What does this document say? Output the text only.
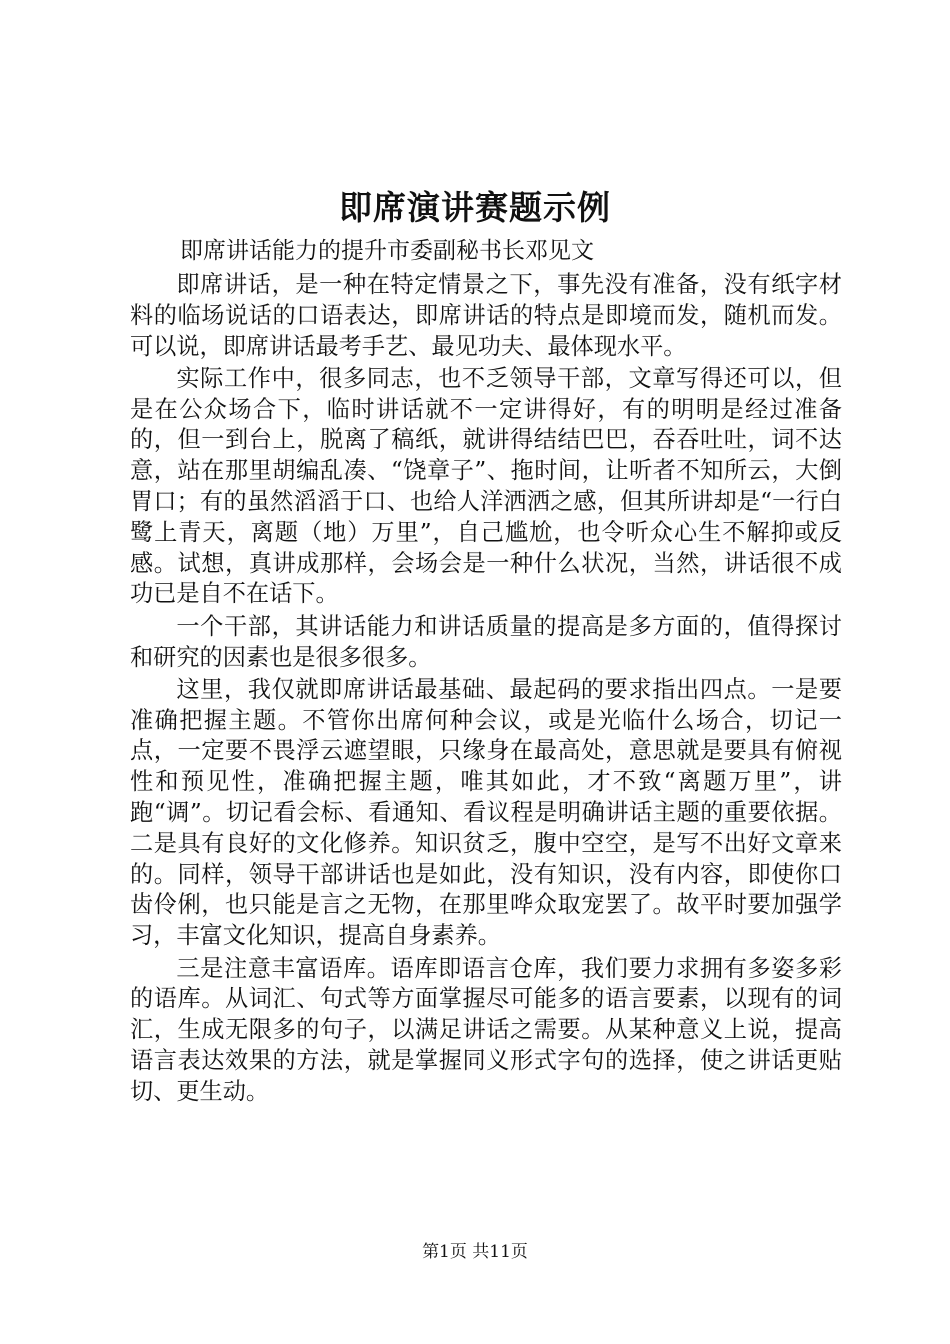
即席演讲赛题示例
即席讲话能力的提升市委副秘书长邓见文

即席讲话，是一种在特定情景之下，事先没有准备，没有纸字材料的临场说话的口语表达，即席讲话的特点是即境而发，随机而发。可以说，即席讲话最考手艺、最见功夫、最体现水平。

实际工作中，很多同志，也不乏领导干部，文章写得还可以，但是在公众场合下，临时讲话就不一定讲得好，有的明明是经过准备的，但一到台上，脱离了稿纸，就讲得结结巴巴，吞吞吐吐，词不达意，站在那里胡编乱凑、“饶章子”、拖时间，让听者不知所云，大倒胃口；有的虽然滔滔于口、也给人洋洒洒之感，但其所讲却是“一行白鹭上青天，离题（地）万里”，自己尴尬，也令听众心生不解抑或反感。试想，真讲成那样，会场会是一种什么状况，当然，讲话很不成功已是自不在话下。

一个干部，其讲话能力和讲话质量的提高是多方面的，值得探讨和研究的因素也是很多很多。

这里，我仅就即席讲话最基础、最起码的要求指出四点。一是要准确把握主题。不管你出席何种会议，或是光临什么场合，切记一点，一定要不畏浮云遮望眼，只缘身在最高处，意思就是要具有俯视性和预见性，准确把握主题，唯其如此，才不致“离题万里”，讲跑“调”。切记看会标、看通知、看议程是明确讲话主题的重要依据。二是具有良好的文化修养。知识贫乏，腹中空空，是写不出好文章来的。同样，领导干部讲话也是如此，没有知识，没有内容，即使你口齿伶俐，也只能是言之无物，在那里哗众取宠罢了。故平时要加强学习，丰富文化知识，提高自身素养。

三是注意丰富语库。语库即语言仓库，我们要力求拥有多姿多彩的语库。从词汇、句式等方面掌握尽可能多的语言要素，以现有的词汇，生成无限多的句子，以满足讲话之需要。从某种意义上说，提高语言表达效果的方法，就是掌握同义形式字句的选择，使之讲话更贴切、更生动。

第1页 共11页
